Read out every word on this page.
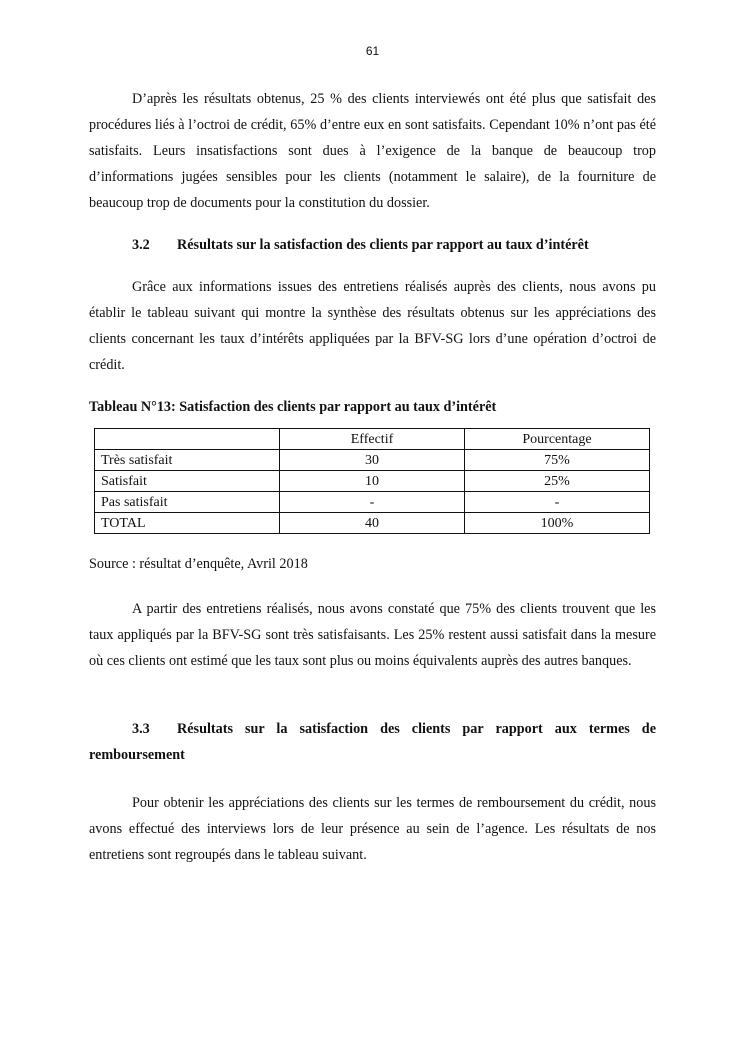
61

D’après les résultats obtenus, 25 % des clients interviewés ont été plus que satisfait des procédures liés à l’octroi de crédit, 65% d’entre eux en sont satisfaits. Cependant 10% n’ont pas été satisfaits. Leurs insatisfactions sont dues à l’exigence de la banque de beaucoup trop d’informations jugées sensibles pour les clients (notamment le salaire), de la fourniture de beaucoup trop de documents pour la constitution du dossier.

3.2 Résultats sur la satisfaction des clients par rapport au taux d’intérêt

Grâce aux informations issues des entretiens réalisés auprès des clients, nous avons pu établir le tableau suivant qui montre la synthèse des résultats obtenus sur les appréciations des clients concernant les taux d’intérêts appliquées par la BFV-SG lors d’une opération d’octroi de crédit.

Tableau N°13: Satisfaction des clients par rapport au taux d’intérêt

	Effectif	Pourcentage
Très satisfait	30	75%
Satisfait	10	25%
Pas satisfait	-	-
TOTAL	40	100%

Source : résultat d’enquête, Avril 2018

A partir des entretiens réalisés, nous avons constaté que 75% des clients trouvent que les taux appliqués par la BFV-SG sont très satisfaisants. Les 25% restent aussi satisfait dans la mesure où ces clients ont estimé que les taux sont plus ou moins équivalents auprès des autres banques.

3.3 Résultats sur la satisfaction des clients par rapport aux termes de remboursement

Pour obtenir les appréciations des clients sur les termes de remboursement du crédit, nous avons effectué des interviews lors de leur présence au sein de l’agence. Les résultats de nos entretiens sont regroupés dans le tableau suivant.
